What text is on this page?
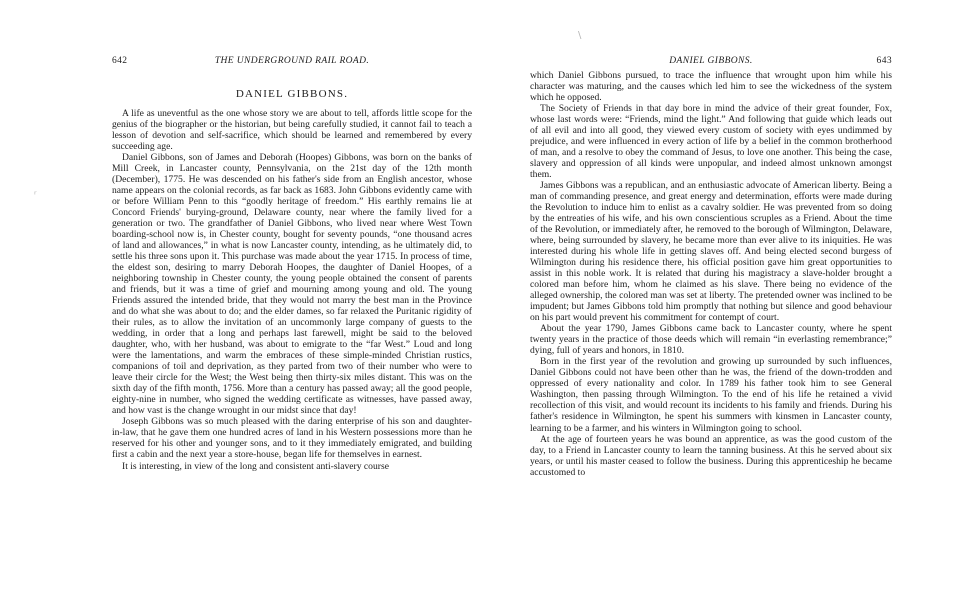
\
ʳ
642	THE UNDERGROUND RAIL ROAD.
DANIEL GIBBONS.

A life as uneventful as the one whose story we are about to tell, affords little scope for the genius of the biographer or the historian, but being carefully studied, it cannot fail to teach a lesson of devotion and self-sacrifice, which should be learned and remembered by every succeeding age.

Daniel Gibbons, son of James and Deborah (Hoopes) Gibbons, was born on the banks of Mill Creek, in Lancaster county, Pennsylvania, on the 21st day of the 12th month (December), 1775. He was descended on his father's side from an English ancestor, whose name appears on the colonial records, as far back as 1683. John Gibbons evidently came with or before William Penn to this “goodly heritage of freedom.” His earthly remains lie at Concord Friends' burying-ground, Delaware county, near where the family lived for a generation or two. The grandfather of Daniel Gibbons, who lived near where West Town boarding-school now is, in Chester county, bought for seventy pounds, “one thousand acres of land and allowances,” in what is now Lancaster county, intending, as he ultimately did, to settle his three sons upon it. This purchase was made about the year 1715. In process of time, the eldest son, desiring to marry Deborah Hoopes, the daughter of Daniel Hoopes, of a neighboring township in Chester county, the young people obtained the consent of parents and friends, but it was a time of grief and mourning among young and old. The young Friends assured the intended bride, that they would not marry the best man in the Province and do what she was about to do; and the elder dames, so far relaxed the Puritanic rigidity of their rules, as to allow the invitation of an uncommonly large company of guests to the wedding, in order that a long and perhaps last farewell, might be said to the beloved daughter, who, with her husband, was about to emigrate to the “far West.” Loud and long were the lamentations, and warm the embraces of these simple-minded Christian rustics, companions of toil and deprivation, as they parted from two of their number who were to leave their circle for the West; the West being then thirty-six miles distant. This was on the sixth day of the fifth month, 1756. More than a century has passed away; all the good people, eighty-nine in number, who signed the wedding certificate as witnesses, have passed away, and how vast is the change wrought in our midst since that day!

Joseph Gibbons was so much pleased with the daring enterprise of his son and daughter-in-law, that he gave them one hundred acres of land in his Western possessions more than he reserved for his other and younger sons, and to it they immediately emigrated, and building first a cabin and the next year a store-house, began life for themselves in earnest.

It is interesting, in view of the long and consistent anti-slavery course

DANIEL GIBBONS.	643

which Daniel Gibbons pursued, to trace the influence that wrought upon him while his character was maturing, and the causes which led him to see the wickedness of the system which he opposed.

The Society of Friends in that day bore in mind the advice of their great founder, Fox, whose last words were: “Friends, mind the light.” And following that guide which leads out of all evil and into all good, they viewed every custom of society with eyes undimmed by prejudice, and were influenced in every action of life by a belief in the common brotherhood of man, and a resolve to obey the command of Jesus, to love one another. This being the case, slavery and oppression of all kinds were unpopular, and indeed almost unknown amongst them.

James Gibbons was a republican, and an enthusiastic advocate of American liberty. Being a man of commanding presence, and great energy and determination, efforts were made during the Revolution to induce him to enlist as a cavalry soldier. He was prevented from so doing by the entreaties of his wife, and his own conscientious scruples as a Friend. About the time of the Revolution, or immediately after, he removed to the borough of Wilmington, Delaware, where, being surrounded by slavery, he became more than ever alive to its iniquities. He was interested during his whole life in getting slaves off. And being elected second burgess of Wilmington during his residence there, his official position gave him great opportunities to assist in this noble work. It is related that during his magistracy a slave-holder brought a colored man before him, whom he claimed as his slave. There being no evidence of the alleged ownership, the colored man was set at liberty. The pretended owner was inclined to be impudent; but James Gibbons told him promptly that nothing but silence and good behaviour on his part would prevent his commitment for contempt of court.

About the year 1790, James Gibbons came back to Lancaster county, where he spent twenty years in the practice of those deeds which will remain “in everlasting remembrance;” dying, full of years and honors, in 1810.

Born in the first year of the revolution and growing up surrounded by such influences, Daniel Gibbons could not have been other than he was, the friend of the down-trodden and oppressed of every nationality and color. In 1789 his father took him to see General Washington, then passing through Wilmington. To the end of his life he retained a vivid recollection of this visit, and would recount its incidents to his family and friends. During his father's residence in Wilmington, he spent his summers with kinsmen in Lancaster county, learning to be a farmer, and his winters in Wilmington going to school.

At the age of fourteen years he was bound an apprentice, as was the good custom of the day, to a Friend in Lancaster county to learn the tanning business. At this he served about six years, or until his master ceased to follow the business. During this apprenticeship he became accustomed to
